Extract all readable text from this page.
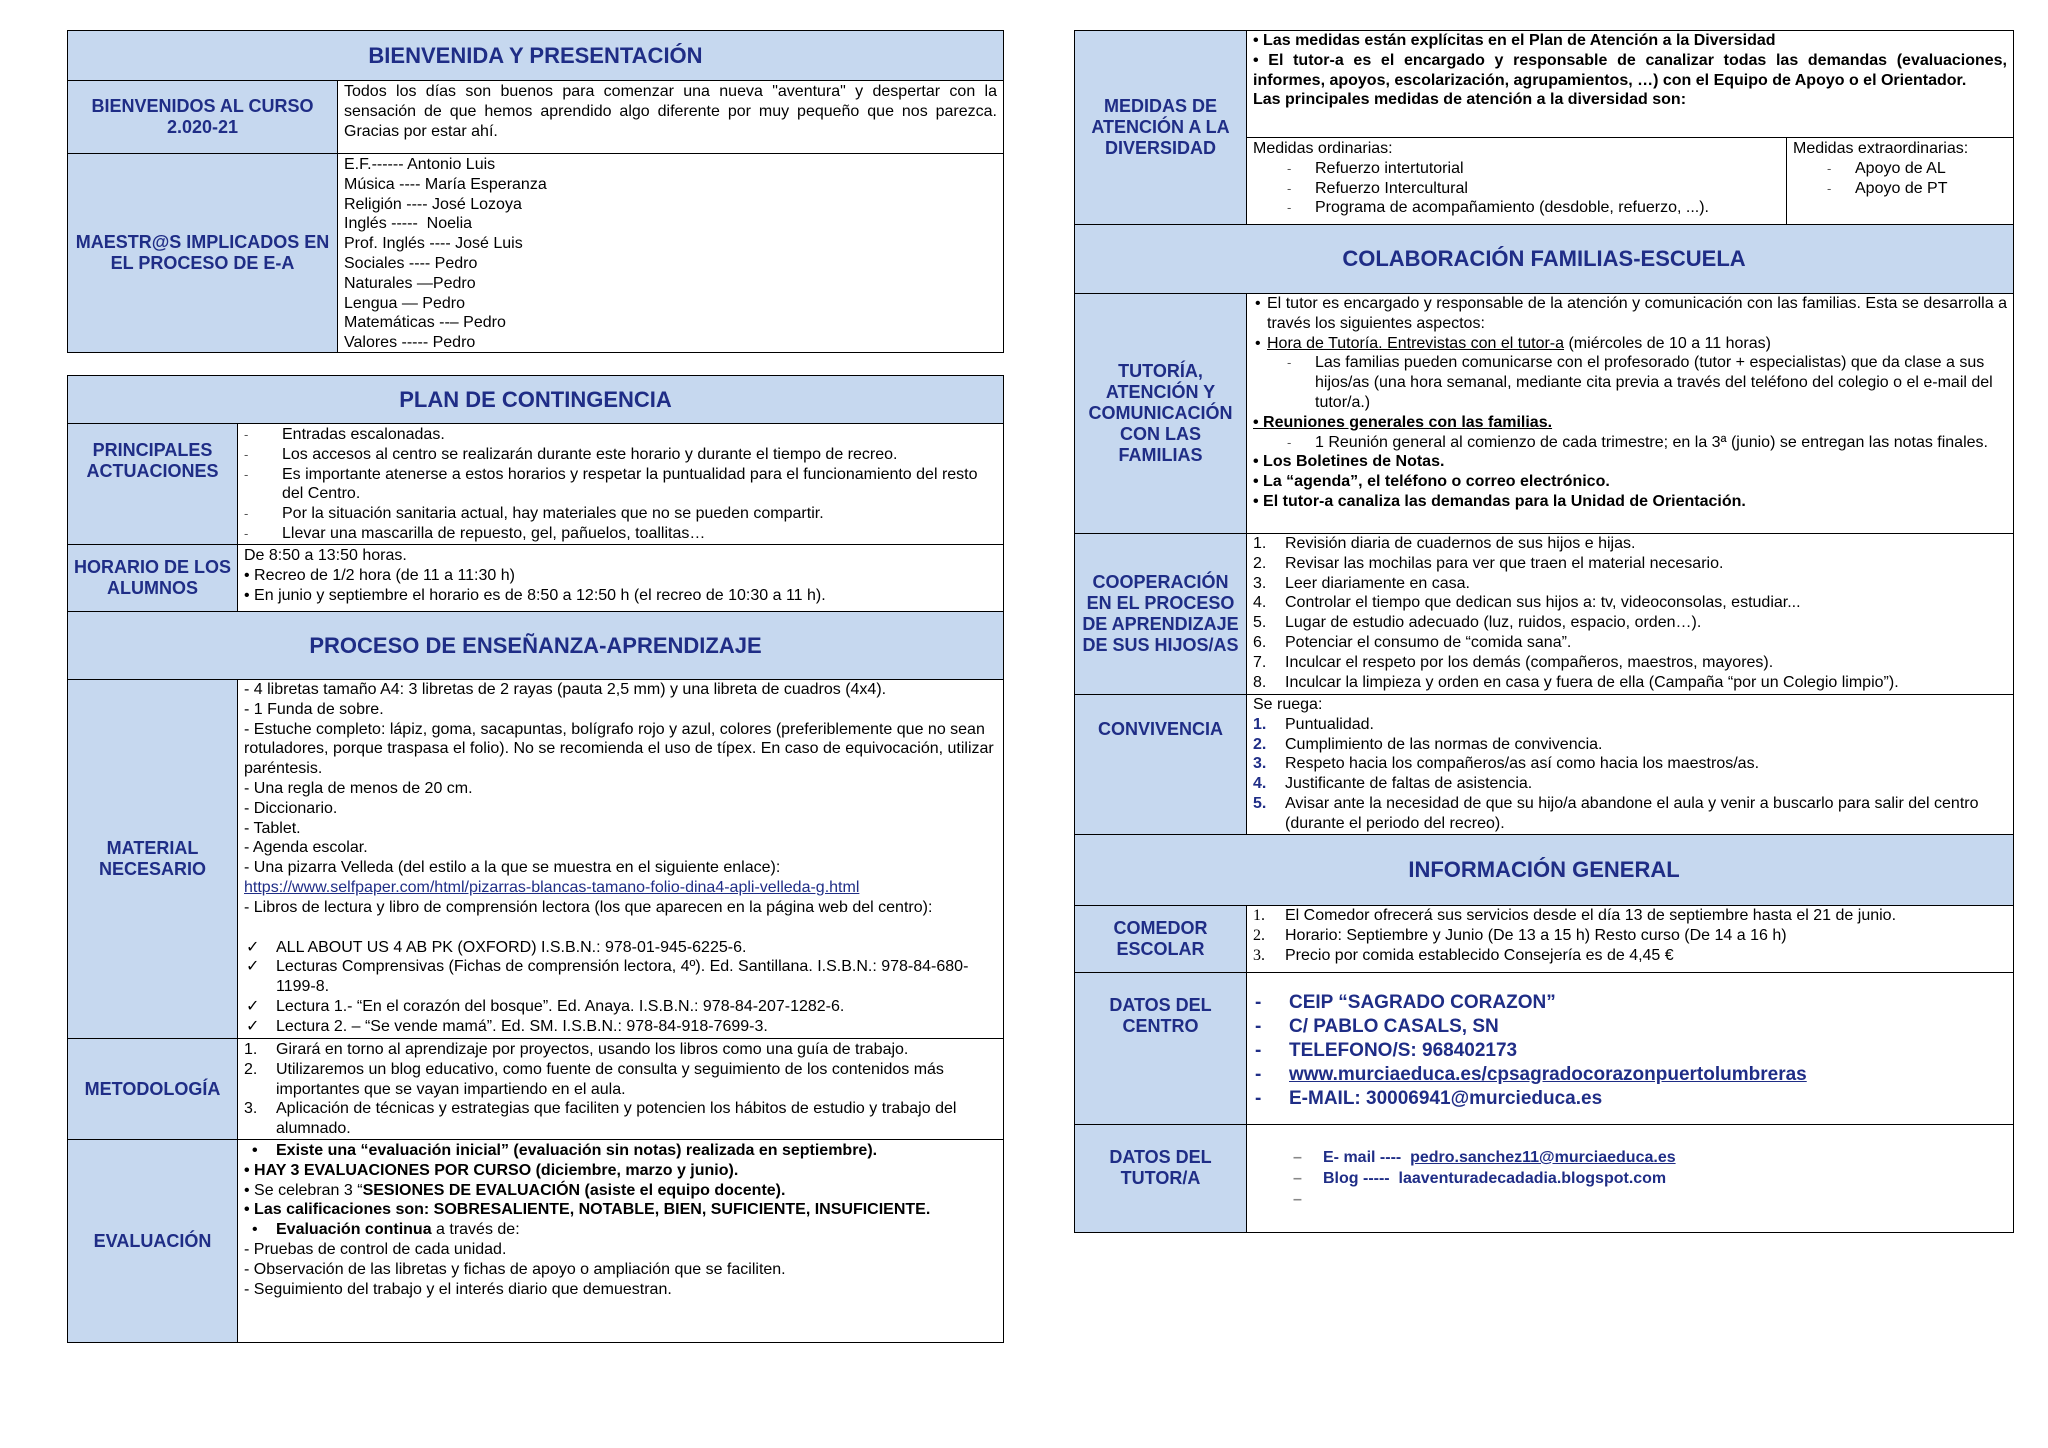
BIENVENIDA Y PRESENTACIÓN
BIENVENIDOS AL CURSO 2.020-21
Todos los días son buenos para comenzar una nueva "aventura" y despertar con la sensación de que hemos aprendido algo diferente por muy pequeño que nos parezca. Gracias por estar ahí.
MAESTR@S IMPLICADOS EN EL PROCESO DE E-A
E.F.------ Antonio Luis
Música ---- María Esperanza
Religión ---- José Lozoya
Inglés -----  Noelia
Prof. Inglés ---- José Luis
Sociales ---- Pedro
Naturales —Pedro
Lengua — Pedro
Matemáticas --– Pedro
Valores ----- Pedro
PLAN DE CONTINGENCIA
PRINCIPALES ACTUACIONES
- Entradas escalonadas.
- Los accesos al centro se realizarán durante este horario y durante el tiempo de recreo.
- Es importante atenerse a estos horarios y respetar la puntualidad para el funcionamiento del resto del Centro.
- Por la situación sanitaria actual, hay materiales que no se pueden compartir.
- Llevar una mascarilla de repuesto, gel, pañuelos, toallitas…
HORARIO DE LOS ALUMNOS
De 8:50 a 13:50 horas.
• Recreo de 1/2 hora (de 11 a 11:30 h)
• En junio y septiembre el horario es de 8:50 a 12:50 h (el recreo de 10:30 a 11 h).
PROCESO DE ENSEÑANZA-APRENDIZAJE
MATERIAL NECESARIO
- 4 libretas tamaño A4: 3 libretas de 2 rayas (pauta 2,5 mm) y una libreta de cuadros (4x4).
- 1 Funda de sobre.
- Estuche completo: lápiz, goma, sacapuntas, bolígrafo rojo y azul, colores (preferiblemente que no sean rotuladores, porque traspasa el folio). No se recomienda el uso de típex. En caso de equivocación, utilizar paréntesis.
- Una regla de menos de 20 cm.
- Diccionario.
- Tablet.
- Agenda escolar.
- Una pizarra Velleda (del estilo a la que se muestra en el siguiente enlace):
https://www.selfpaper.com/html/pizarras-blancas-tamano-folio-dina4-apli-velleda-g.html
- Libros de lectura y libro de comprensión lectora (los que aparecen en la página web del centro):
✓ ALL ABOUT US 4 AB PK (OXFORD) I.S.B.N.: 978-01-945-6225-6.
✓ Lecturas Comprensivas (Fichas de comprensión lectora, 4º). Ed. Santillana. I.S.B.N.: 978-84-680-1199-8.
✓ Lectura 1.- “En el corazón del bosque”. Ed. Anaya. I.S.B.N.: 978-84-207-1282-6.
✓ Lectura 2. – “Se vende mamá”. Ed. SM. I.S.B.N.: 978-84-918-7699-3.
METODOLOGÍA
1. Girará en torno al aprendizaje por proyectos, usando los libros como una guía de trabajo.
2. Utilizaremos un blog educativo, como fuente de consulta y seguimiento de los contenidos más importantes que se vayan impartiendo en el aula.
3. Aplicación de técnicas y estrategias que faciliten y potencien los hábitos de estudio y trabajo del alumnado.
EVALUACIÓN
• Existe una “evaluación inicial” (evaluación sin notas) realizada en septiembre).
• HAY 3 EVALUACIONES POR CURSO (diciembre, marzo y junio).
• Se celebran 3 “SESIONES DE EVALUACIÓN (asiste el equipo docente).
• Las calificaciones son: SOBRESALIENTE, NOTABLE, BIEN, SUFICIENTE, INSUFICIENTE.
• Evaluación continua a través de:
- Pruebas de control de cada unidad.
- Observación de las libretas y fichas de apoyo o ampliación que se faciliten.
- Seguimiento del trabajo y el interés diario que demuestran.
MEDIDAS DE ATENCIÓN A LA DIVERSIDAD
• Las medidas están explícitas en el Plan de Atención a la Diversidad
• El tutor-a es el encargado y responsable de canalizar todas las demandas (evaluaciones, informes, apoyos, escolarización, agrupamientos, …) con el Equipo de Apoyo o el Orientador.
Las principales medidas de atención a la diversidad son:
Medidas ordinarias:
- Refuerzo intertutorial
- Refuerzo Intercultural
- Programa de acompañamiento (desdoble, refuerzo, ...).
Medidas extraordinarias:
- Apoyo de AL
- Apoyo de PT
COLABORACIÓN FAMILIAS-ESCUELA
TUTORÍA, ATENCIÓN Y COMUNICACIÓN CON LAS FAMILIAS
• El tutor es encargado y responsable de la atención y comunicación con las familias. Esta se desarrolla a través los siguientes aspectos:
• Hora de Tutoría. Entrevistas con el tutor-a (miércoles de 10 a 11 horas)
- Las familias pueden comunicarse con el profesorado (tutor + especialistas) que da clase a sus hijos/as (una hora semanal, mediante cita previa a través del teléfono del colegio o el e-mail del tutor/a.)
• Reuniones generales con las familias.
- 1 Reunión general al comienzo de cada trimestre; en la 3ª (junio) se entregan las notas finales.
• Los Boletines de Notas.
• La “agenda”, el teléfono o correo electrónico.
• El tutor-a canaliza las demandas para la Unidad de Orientación.
COOPERACIÓN EN EL PROCESO DE APRENDIZAJE DE SUS HIJOS/AS
1. Revisión diaria de cuadernos de sus hijos e hijas.
2. Revisar las mochilas para ver que traen el material necesario.
3. Leer diariamente en casa.
4. Controlar el tiempo que dedican sus hijos a: tv, videoconsolas, estudiar...
5. Lugar de estudio adecuado (luz, ruidos, espacio, orden…).
6. Potenciar el consumo de “comida sana”.
7. Inculcar el respeto por los demás (compañeros, maestros, mayores).
8. Inculcar la limpieza y orden en casa y fuera de ella (Campaña “por un Colegio limpio”).
CONVIVENCIA
Se ruega:
1. Puntualidad.
2. Cumplimiento de las normas de convivencia.
3. Respeto hacia los compañeros/as así como hacia los maestros/as.
4. Justificante de faltas de asistencia.
5. Avisar ante la necesidad de que su hijo/a abandone el aula y venir a buscarlo para salir del centro (durante el periodo del recreo).
INFORMACIÓN GENERAL
COMEDOR ESCOLAR
1. El Comedor ofrecerá sus servicios desde el día 13 de septiembre hasta el 21 de junio.
2. Horario: Septiembre y Junio (De 13 a 15 h) Resto curso (De 14 a 16 h)
3. Precio por comida establecido Consejería es de 4,45 €
DATOS DEL CENTRO
- CEIP “SAGRADO CORAZON”
- C/ PABLO CASALS, SN
- TELEFONO/S: 968402173
- www.murciaeduca.es/cpsagradocorazonpuertolumbreras
- E-MAIL: 30006941@murcieduca.es
DATOS DEL TUTOR/A
– E- mail ----  pedro.sanchez11@murciaeduca.es
– Blog -----  laaventuradecadadia.blogspot.com
